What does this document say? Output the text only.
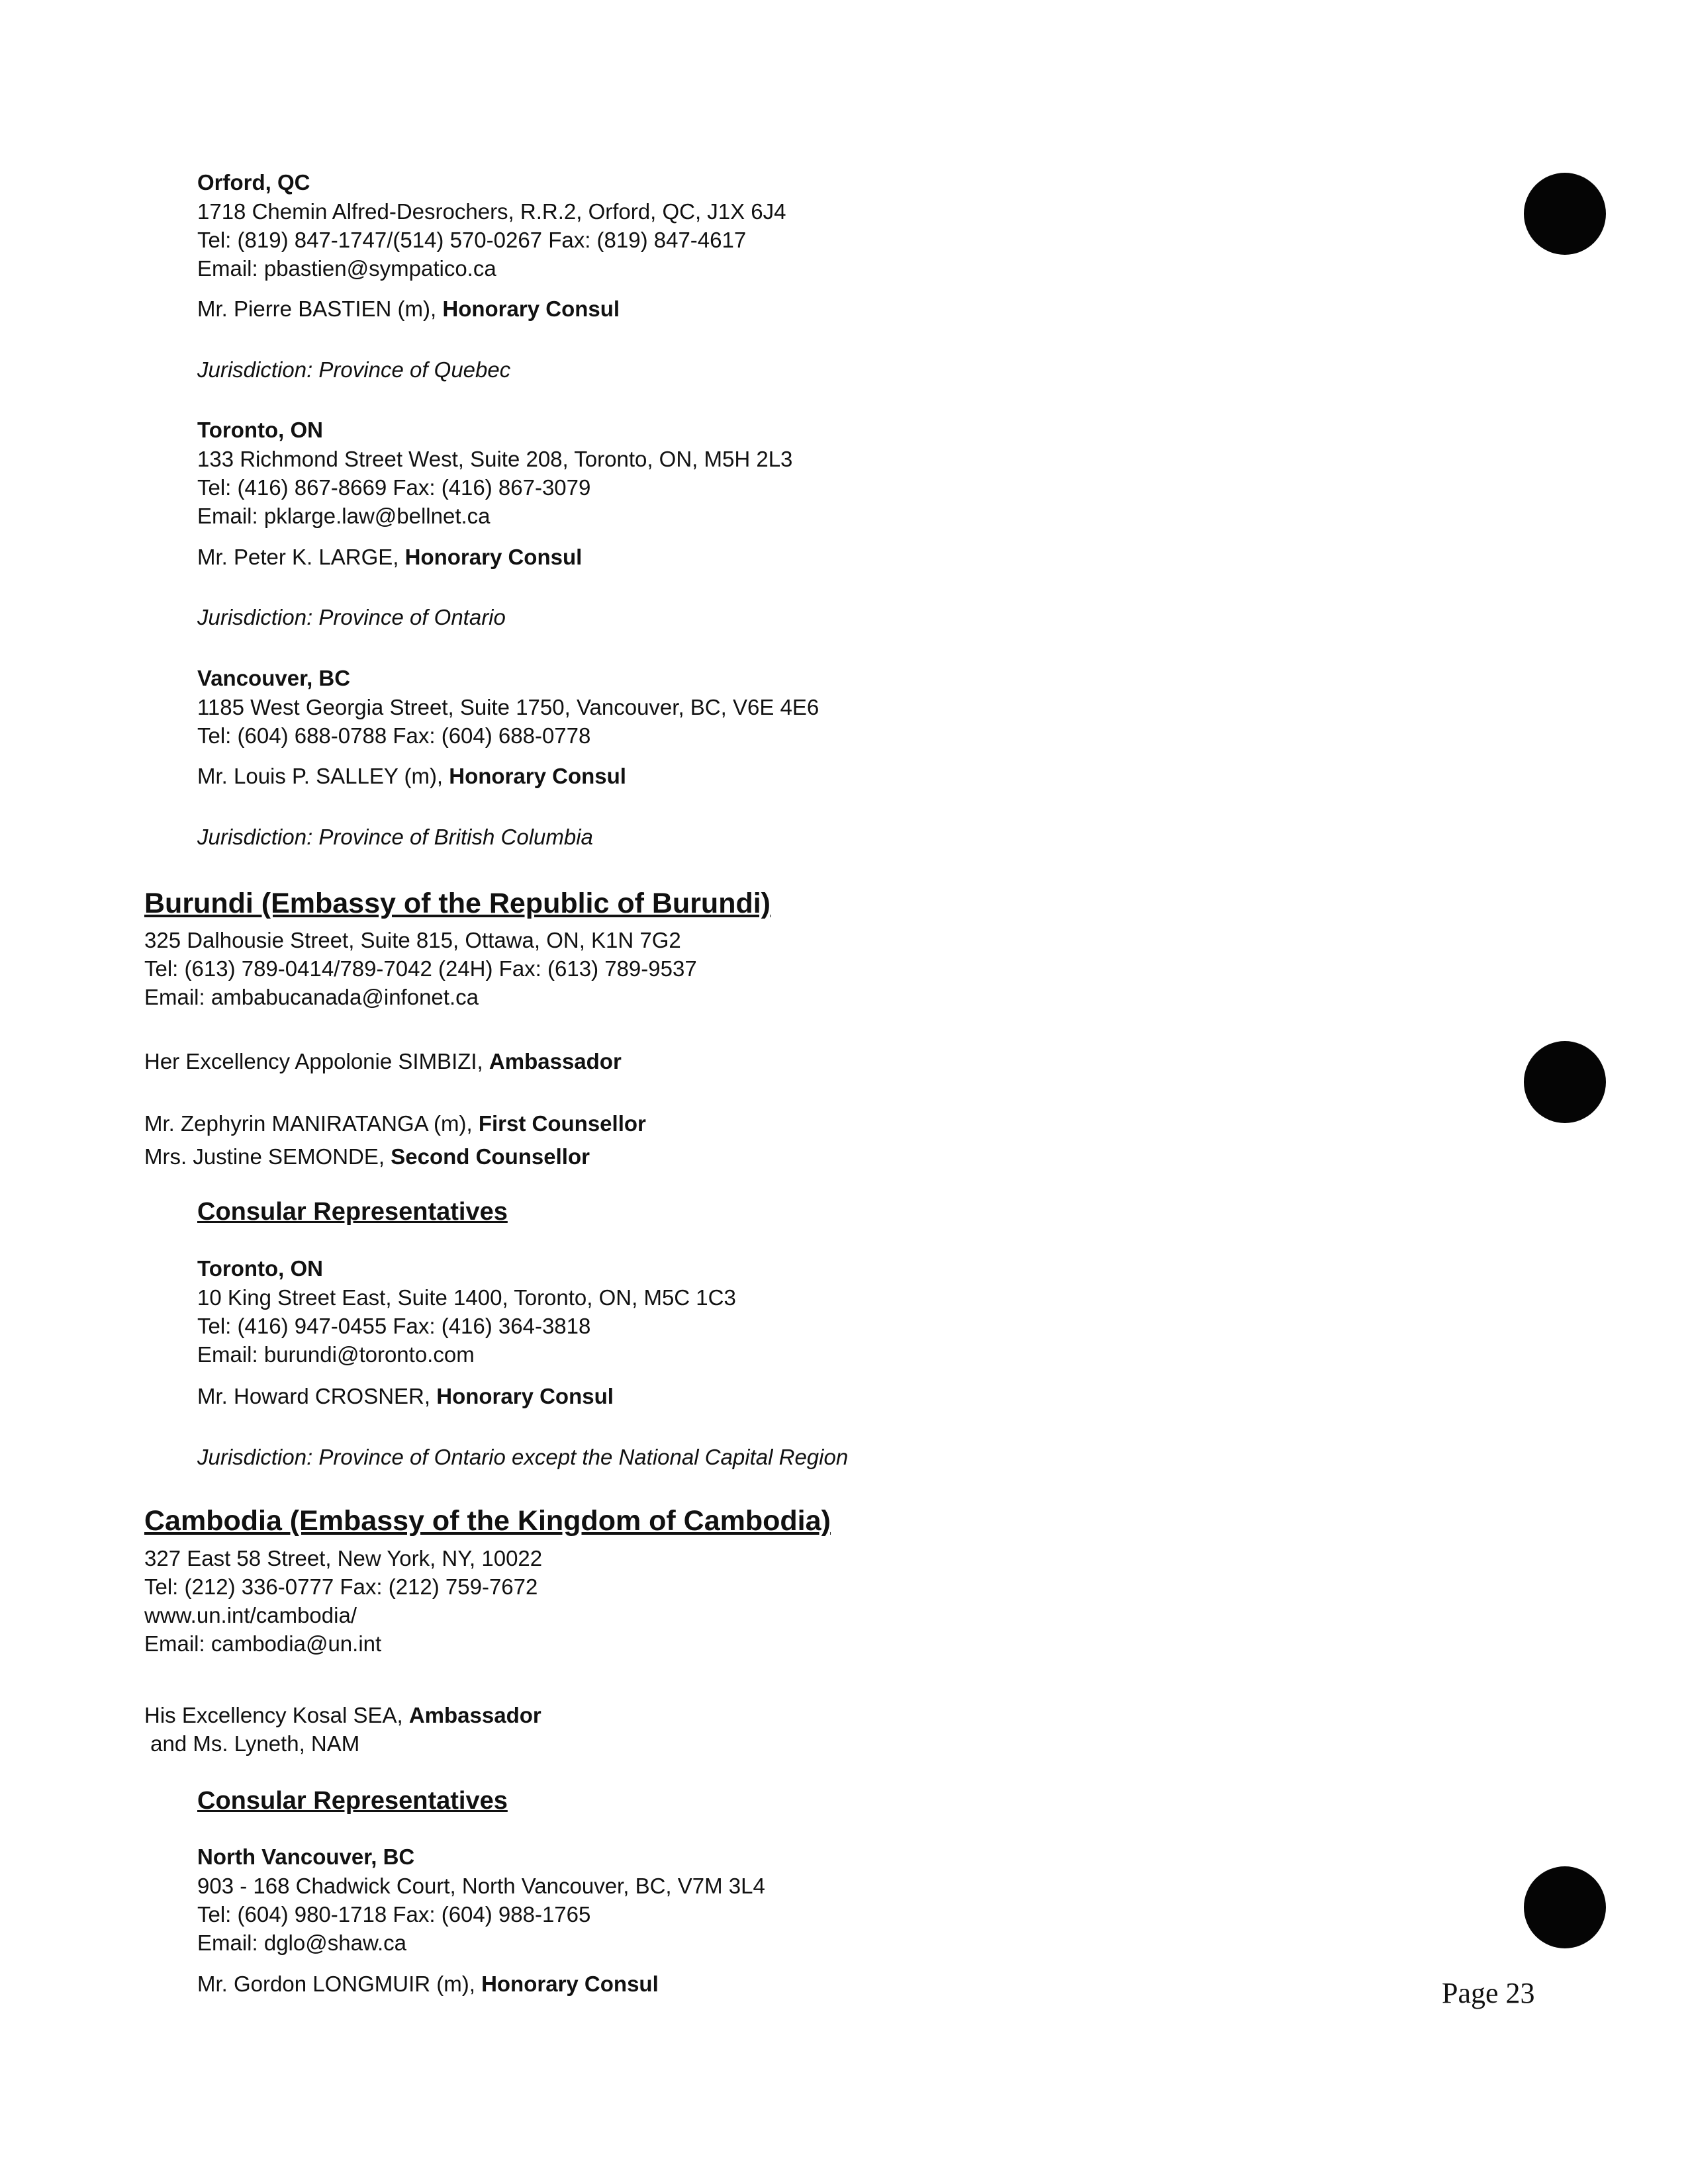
Orford, QC

1718 Chemin Alfred-Desrochers, R.R.2, Orford, QC, J1X 6J4

Tel: (819) 847-1747/(514) 570-0267 Fax: (819) 847-4617

Email: pbastien@sympatico.ca

Mr. Pierre BASTIEN (m), Honorary Consul

Jurisdiction: Province of Quebec

Toronto, ON

133 Richmond Street West, Suite 208, Toronto, ON, M5H 2L3

Tel: (416) 867-8669 Fax: (416) 867-3079

Email: pklarge.law@bellnet.ca

Mr. Peter K. LARGE, Honorary Consul

Jurisdiction: Province of Ontario

Vancouver, BC

1185 West Georgia Street, Suite 1750, Vancouver, BC, V6E 4E6

Tel: (604) 688-0788 Fax: (604) 688-0778

Mr. Louis P. SALLEY (m), Honorary Consul

Jurisdiction: Province of British Columbia

Burundi (Embassy of the Republic of Burundi)

325 Dalhousie Street, Suite 815, Ottawa, ON, K1N 7G2

Tel: (613) 789-0414/789-7042 (24H) Fax: (613) 789-9537

Email: ambabucanada@infonet.ca

Her Excellency Appolonie SIMBIZI, Ambassador

Mr. Zephyrin MANIRATANGA (m), First Counsellor

Mrs. Justine SEMONDE, Second Counsellor

Consular Representatives

Toronto, ON

10 King Street East, Suite 1400, Toronto, ON, M5C 1C3

Tel: (416) 947-0455 Fax: (416) 364-3818

Email: burundi@toronto.com

Mr. Howard CROSNER, Honorary Consul

Jurisdiction: Province of Ontario except the National Capital Region

Cambodia (Embassy of the Kingdom of Cambodia)

327 East 58 Street, New York, NY, 10022

Tel: (212) 336-0777 Fax: (212) 759-7672

www.un.int/cambodia/

Email: cambodia@un.int

His Excellency Kosal SEA, Ambassador

and Ms. Lyneth, NAM

Consular Representatives

North Vancouver, BC

903 - 168 Chadwick Court, North Vancouver, BC, V7M 3L4

Tel: (604) 980-1718 Fax: (604) 988-1765

Email: dglo@shaw.ca

Mr. Gordon LONGMUIR (m), Honorary Consul	Page 23
